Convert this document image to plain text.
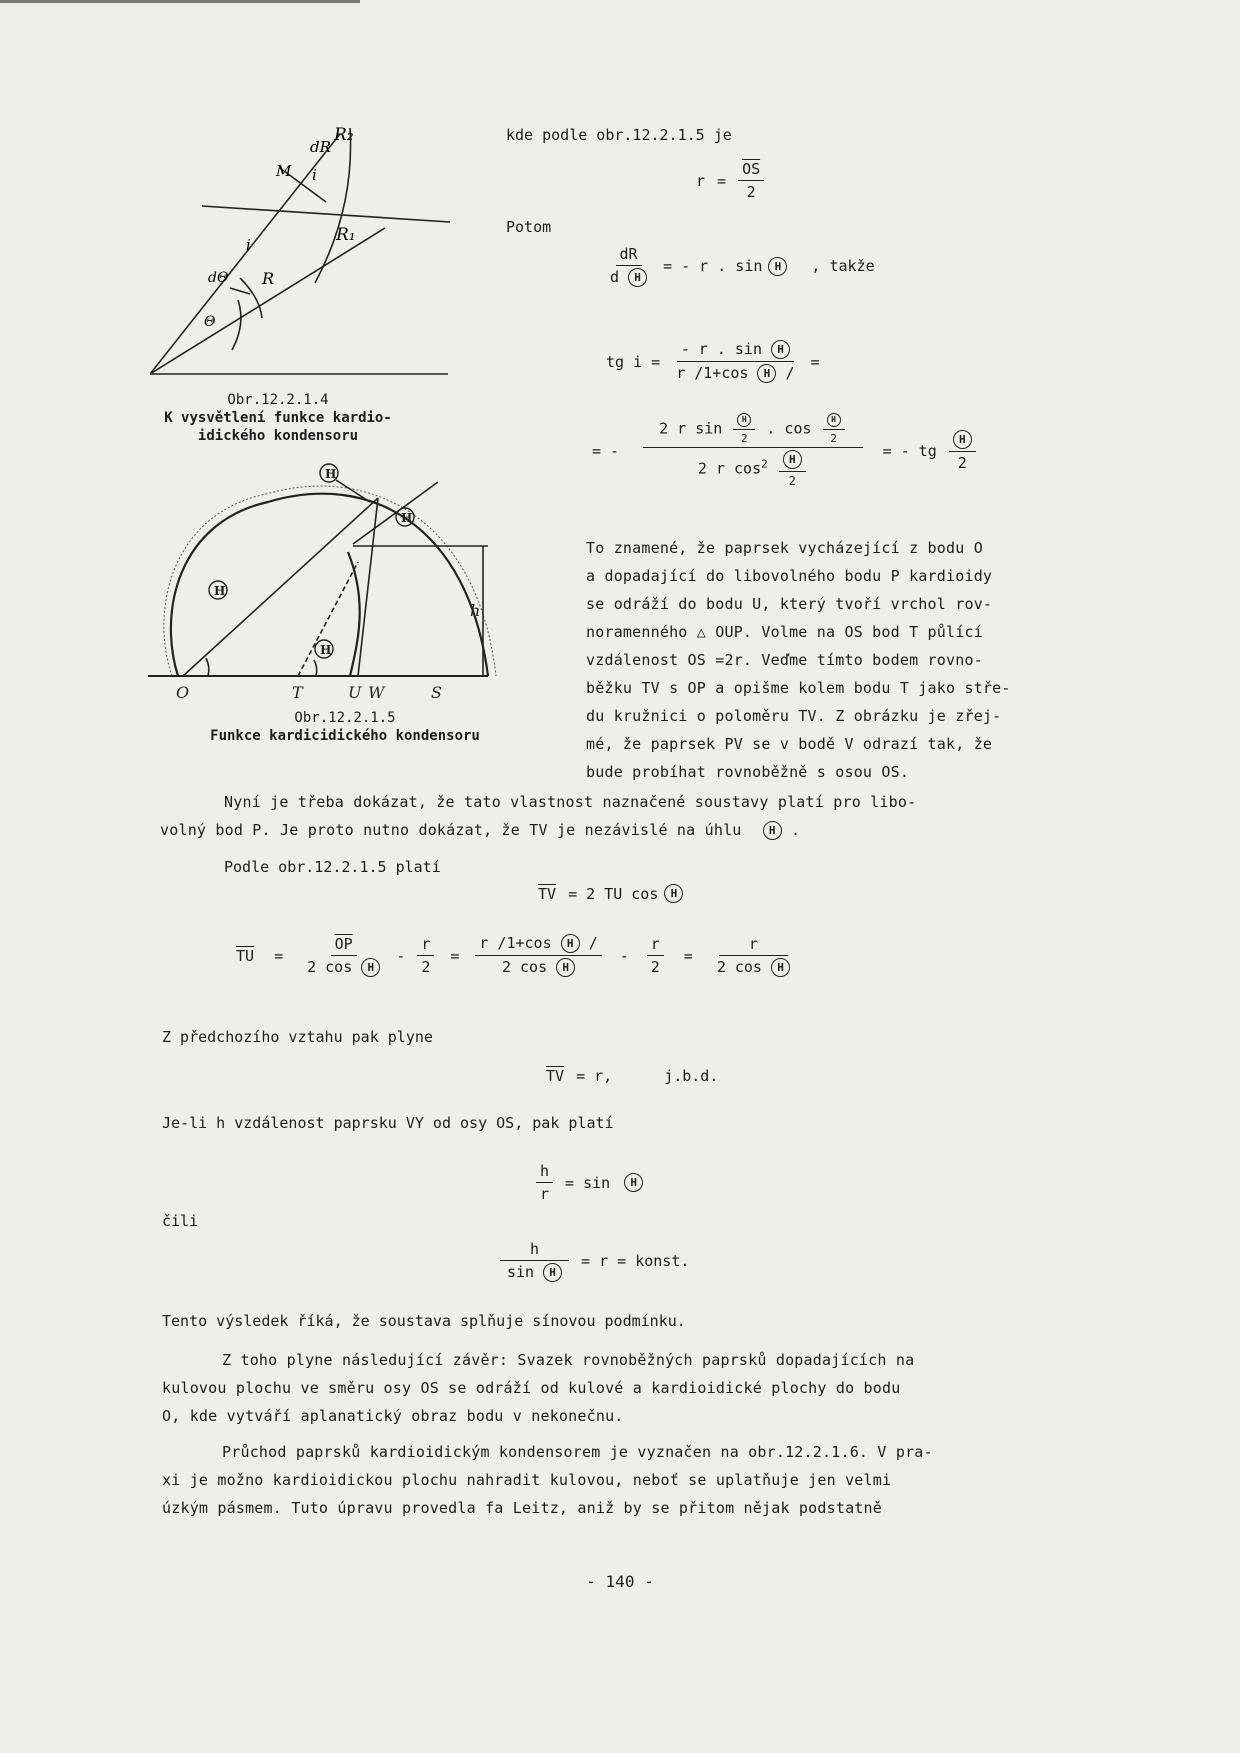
dR
R₂
M i
R₁
i
dΘ R
Θ
Obr.12.2.1.4
K vysvětlení funkce kardio-
idického kondensoru
H
H
H
H
O	T	U W	S
h
Obr.12.2.1.5
Funkce kardicidického kondensoru
kde podle obr.12.2.1.5 je
$r = \frac{\overline{OS}}{2}$
Potom
$\frac{dR}{\text{d H}}$ = - r . sin	H	, takže
tg $i = \frac{\text{- r . sin H}}{\text{r /1+cos H /}}$ =
= - $\frac{2 r \sin \frac{H}{2} . \cos \frac{H}{2}}{2 r \cos^2 \frac{H}{2}}$ = - tg $\frac{H}{2}$
To znamené, že paprsek vycházející z bodu O
a dopadající do libovolného bodu P kardioidy
se odráží do bodu U, který tvoří vrchol rov-
noramenného △ OUP. Volme na OS bod T půlící
vzdálenost OS =2r. Veďme tímto bodem rovno-
běžku TV s OP a opišme kolem bodu T jako stře-
du kružnici o poloměru TV. Z obrázku je zřej-
mé, že paprsek PV se v bodě V odrazí tak, že
bude probíhat rovnoběžně s osou OS.
Nyní je třeba dokázat, že tato vlastnost naznačené soustavy platí pro libo-
volný bod P. Je proto nutno dokázat, že TV je nezávislé na úhlu H .
Podle obr.12.2.1.5 platí
$\overline{TV} = 2$ TU cos	H
$\overline{TU} = \frac{\overline{OP}}{\text{2 cos H}} - \frac{r}{2} = \frac{\text{r /1+cos H /}}{\text{2 cos H}} - \frac{r}{2} = \frac{r}{\text{2 cos H}}$
Z předchozího vztahu pak plyne
$\overline{TV} = r$,	j.b.d.
Je-li h vzdálenost paprsku VY od osy OS, pak platí
$\frac{h}{r} = \sin$	H
čili
$\frac{h}{\text{sin H}} = r$ = konst.
Tento výsledek říká, že soustava splňuje sínovou podmínku.
Z toho plyne následující závěr: Svazek rovnoběžných paprsků dopadajících na
kulovou plochu ve směru osy OS se odráží od kulové a kardioidické plochy do bodu
O, kde vytváří aplanatický obraz bodu v nekonečnu.
Průchod paprsků kardioidickým kondensorem je vyznačen na obr.12.2.1.6. V pra-
xi je možno kardioidickou plochu nahradit kulovou, neboť se uplatňuje jen velmi
úzkým pásmem. Tuto úpravu provedla fa Leitz, aniž by se přitom nějak podstatně
- 140 -
